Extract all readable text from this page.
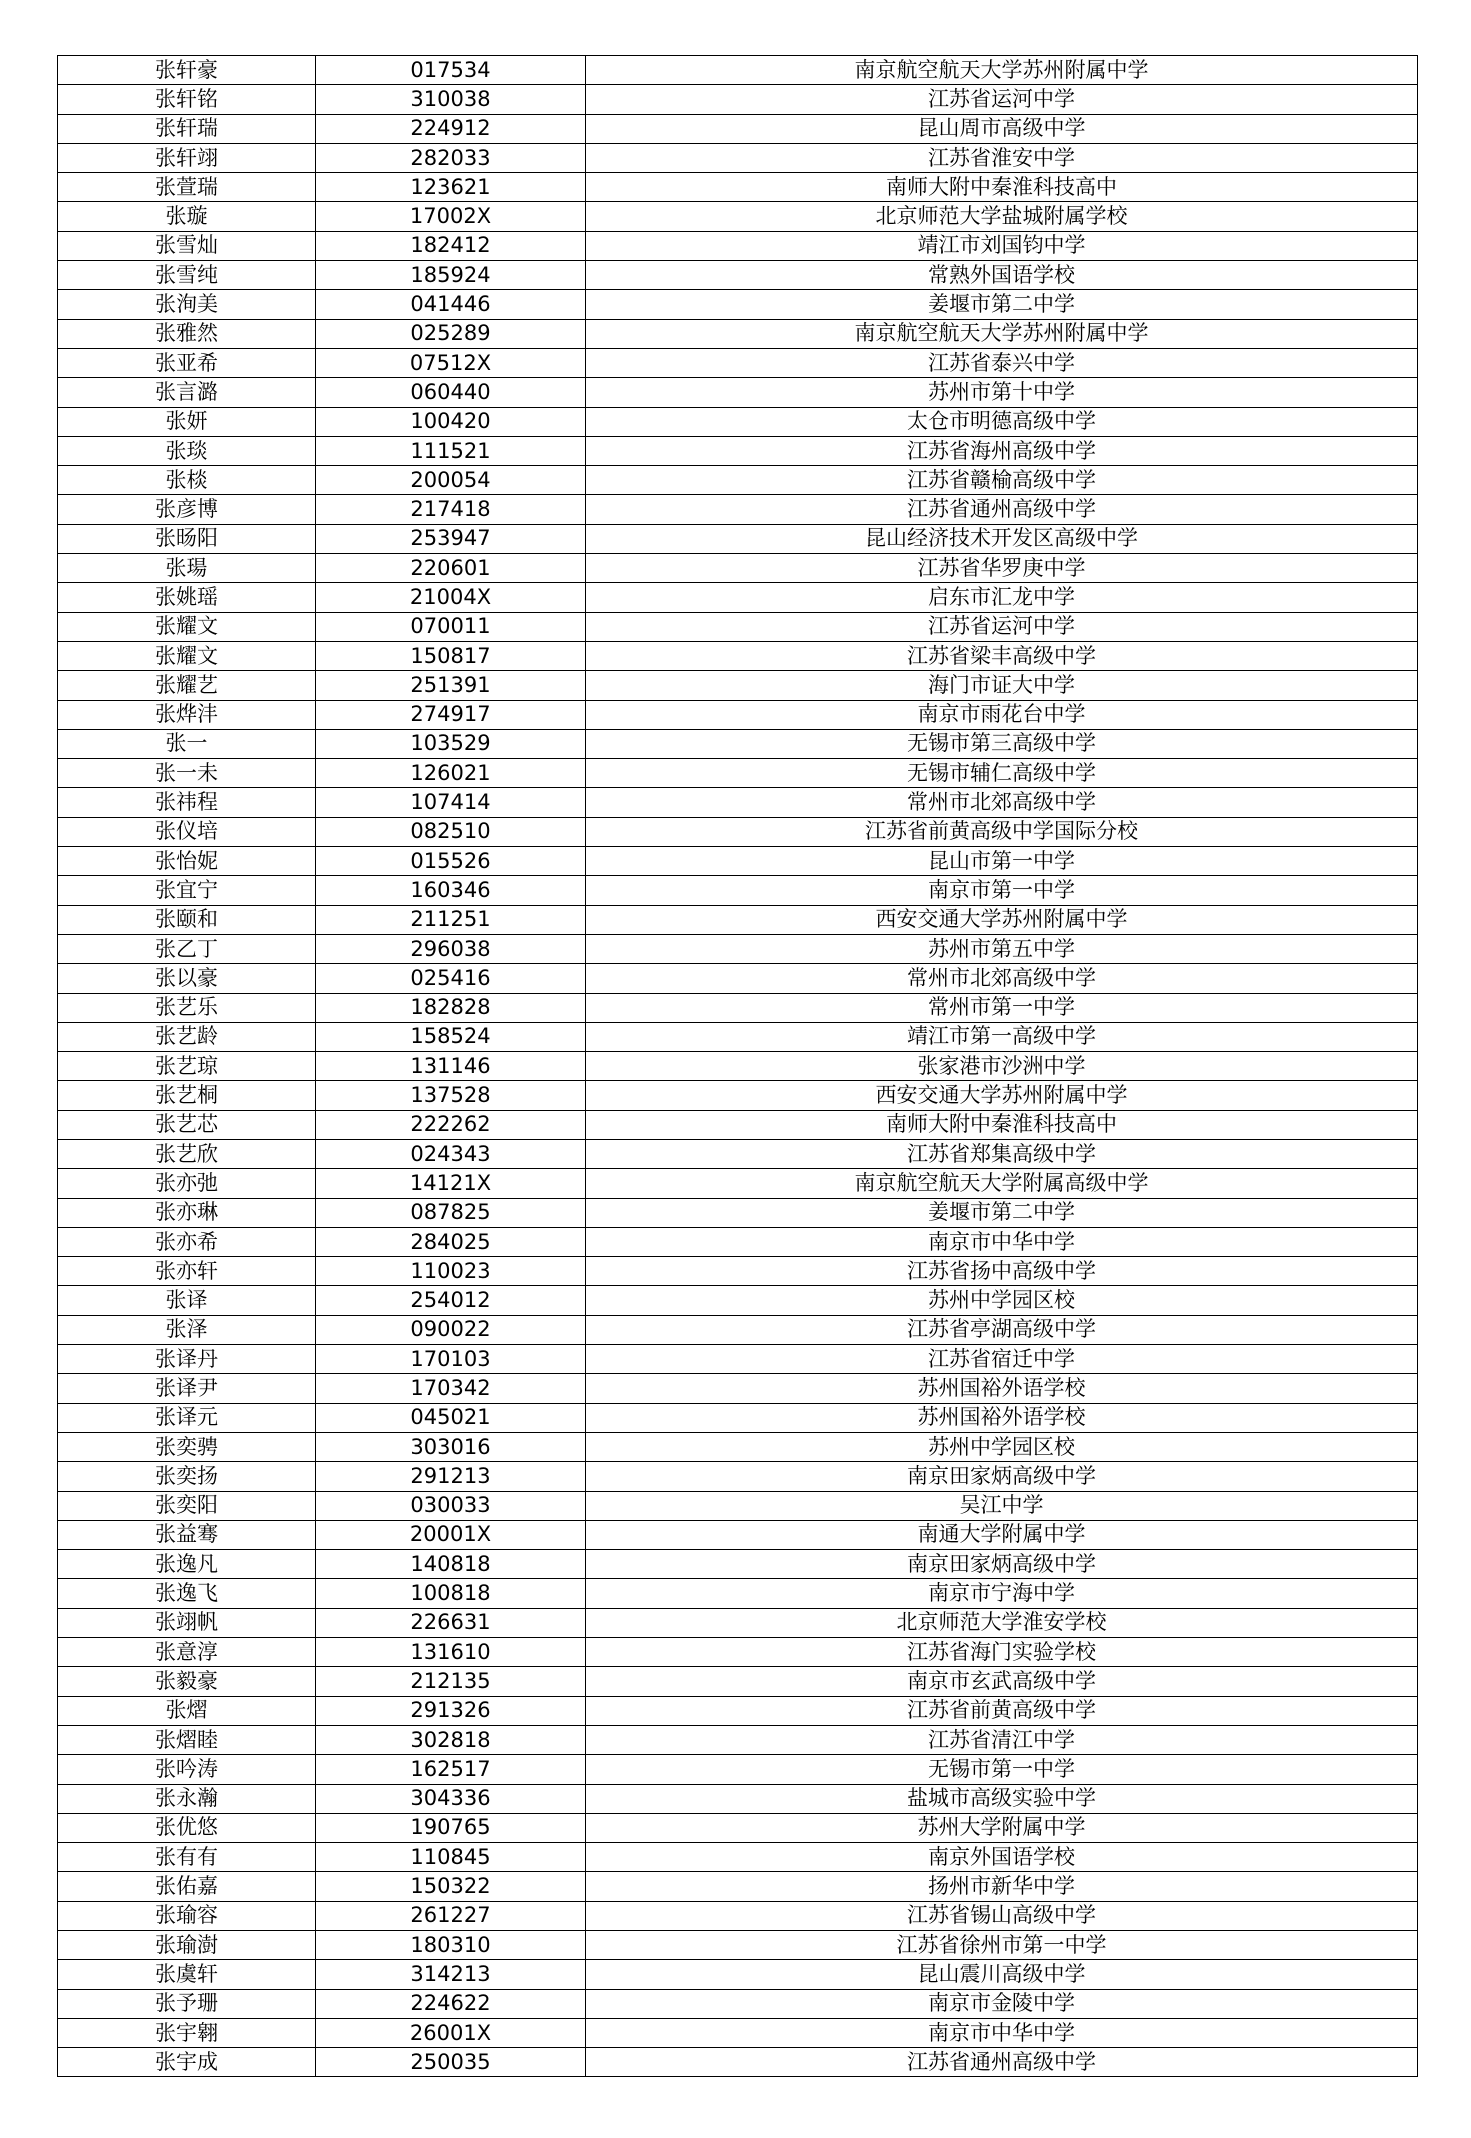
张轩豪	017534	南京航空航天大学苏州附属中学
张轩铭	310038	江苏省运河中学
张轩瑞	224912	昆山周市高级中学
张轩翊	282033	江苏省淮安中学
张萱瑞	123621	南师大附中秦淮科技高中
张璇	17002X	北京师范大学盐城附属学校
张雪灿	182412	靖江市刘国钧中学
张雪纯	185924	常熟外国语学校
张洵美	041446	姜堰市第二中学
张雅然	025289	南京航空航天大学苏州附属中学
张亚希	07512X	江苏省泰兴中学
张言潞	060440	苏州市第十中学
张妍	100420	太仓市明德高级中学
张琰	111521	江苏省海州高级中学
张棪	200054	江苏省赣榆高级中学
张彦博	217418	江苏省通州高级中学
张旸阳	253947	昆山经济技术开发区高级中学
张瑒	220601	江苏省华罗庚中学
张姚瑶	21004X	启东市汇龙中学
张耀文	070011	江苏省运河中学
张耀文	150817	江苏省梁丰高级中学
张耀艺	251391	海门市证大中学
张烨沣	274917	南京市雨花台中学
张一	103529	无锡市第三高级中学
张一未	126021	无锡市辅仁高级中学
张祎程	107414	常州市北郊高级中学
张仪培	082510	江苏省前黄高级中学国际分校
张怡妮	015526	昆山市第一中学
张宜宁	160346	南京市第一中学
张颐和	211251	西安交通大学苏州附属中学
张乙丁	296038	苏州市第五中学
张以豪	025416	常州市北郊高级中学
张艺乐	182828	常州市第一中学
张艺龄	158524	靖江市第一高级中学
张艺琼	131146	张家港市沙洲中学
张艺桐	137528	西安交通大学苏州附属中学
张艺芯	222262	南师大附中秦淮科技高中
张艺欣	024343	江苏省郑集高级中学
张亦弛	14121X	南京航空航天大学附属高级中学
张亦琳	087825	姜堰市第二中学
张亦希	284025	南京市中华中学
张亦轩	110023	江苏省扬中高级中学
张译	254012	苏州中学园区校
张泽	090022	江苏省亭湖高级中学
张译丹	170103	江苏省宿迁中学
张译尹	170342	苏州国裕外语学校
张译元	045021	苏州国裕外语学校
张奕骋	303016	苏州中学园区校
张奕扬	291213	南京田家炳高级中学
张奕阳	030033	吴江中学
张益骞	20001X	南通大学附属中学
张逸凡	140818	南京田家炳高级中学
张逸飞	100818	南京市宁海中学
张翊帆	226631	北京师范大学淮安学校
张意淳	131610	江苏省海门实验学校
张毅豪	212135	南京市玄武高级中学
张熠	291326	江苏省前黄高级中学
张熠睦	302818	江苏省清江中学
张吟涛	162517	无锡市第一中学
张永瀚	304336	盐城市高级实验中学
张优悠	190765	苏州大学附属中学
张有有	110845	南京外国语学校
张佑嘉	150322	扬州市新华中学
张瑜容	261227	江苏省锡山高级中学
张瑜澍	180310	江苏省徐州市第一中学
张虞轩	314213	昆山震川高级中学
张予珊	224622	南京市金陵中学
张宇翱	26001X	南京市中华中学
张宇成	250035	江苏省通州高级中学
